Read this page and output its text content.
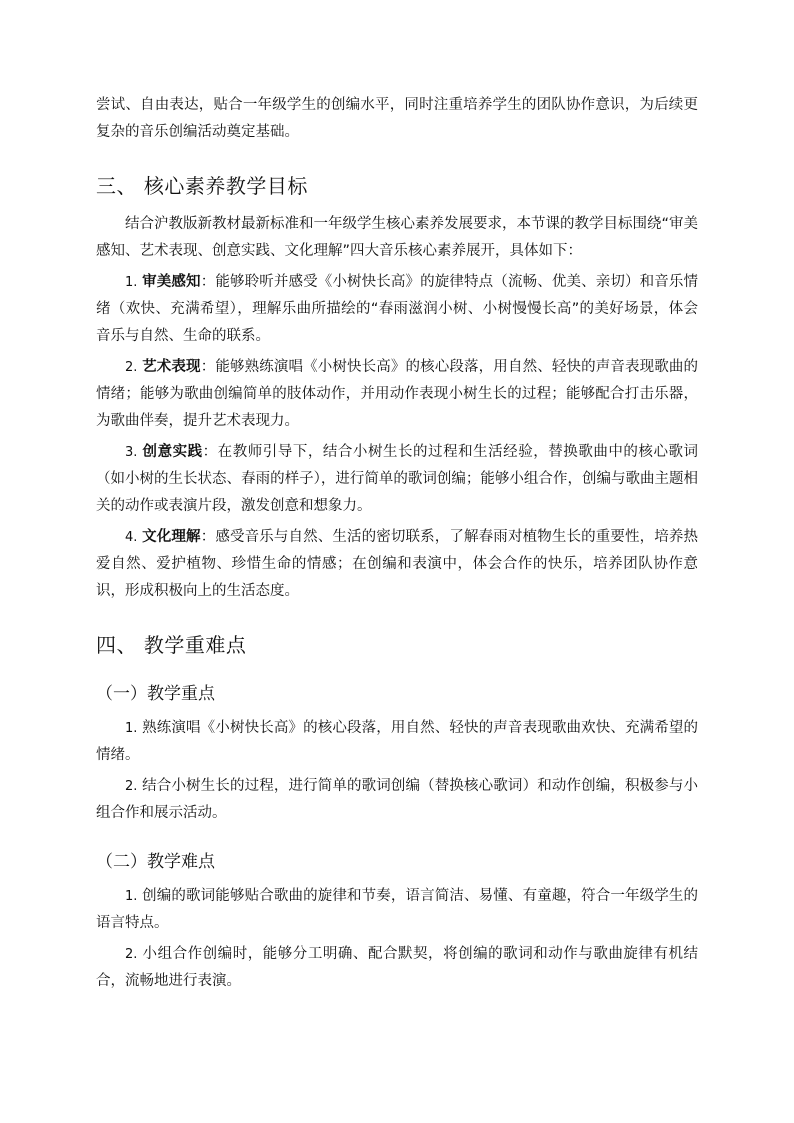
尝试、自由表达，贴合一年级学生的创编水平，同时注重培养学生的团队协作意识，为后续更复杂的音乐创编活动奠定基础。

三、 核心素养教学目标

结合沪教版新教材最新标准和一年级学生核心素养发展要求，本节课的教学目标围绕“审美感知、艺术表现、创意实践、文化理解”四大音乐核心素养展开，具体如下：

1. 审美感知：能够聆听并感受《小树快长高》的旋律特点（流畅、优美、亲切）和音乐情绪（欢快、充满希望），理解乐曲所描绘的“春雨滋润小树、小树慢慢长高”的美好场景，体会音乐与自然、生命的联系。

2. 艺术表现：能够熟练演唱《小树快长高》的核心段落，用自然、轻快的声音表现歌曲的情绪；能够为歌曲创编简单的肢体动作，并用动作表现小树生长的过程；能够配合打击乐器，为歌曲伴奏，提升艺术表现力。

3. 创意实践：在教师引导下，结合小树生长的过程和生活经验，替换歌曲中的核心歌词（如小树的生长状态、春雨的样子），进行简单的歌词创编；能够小组合作，创编与歌曲主题相关的动作或表演片段，激发创意和想象力。

4. 文化理解：感受音乐与自然、生活的密切联系，了解春雨对植物生长的重要性，培养热爱自然、爱护植物、珍惜生命的情感；在创编和表演中，体会合作的快乐，培养团队协作意识，形成积极向上的生活态度。

四、 教学重难点
（一）教学重点

1. 熟练演唱《小树快长高》的核心段落，用自然、轻快的声音表现歌曲欢快、充满希望的情绪。

2. 结合小树生长的过程，进行简单的歌词创编（替换核心歌词）和动作创编，积极参与小组合作和展示活动。

（二）教学难点

1. 创编的歌词能够贴合歌曲的旋律和节奏，语言简洁、易懂、有童趣，符合一年级学生的语言特点。

2. 小组合作创编时，能够分工明确、配合默契，将创编的歌词和动作与歌曲旋律有机结合，流畅地进行表演。
